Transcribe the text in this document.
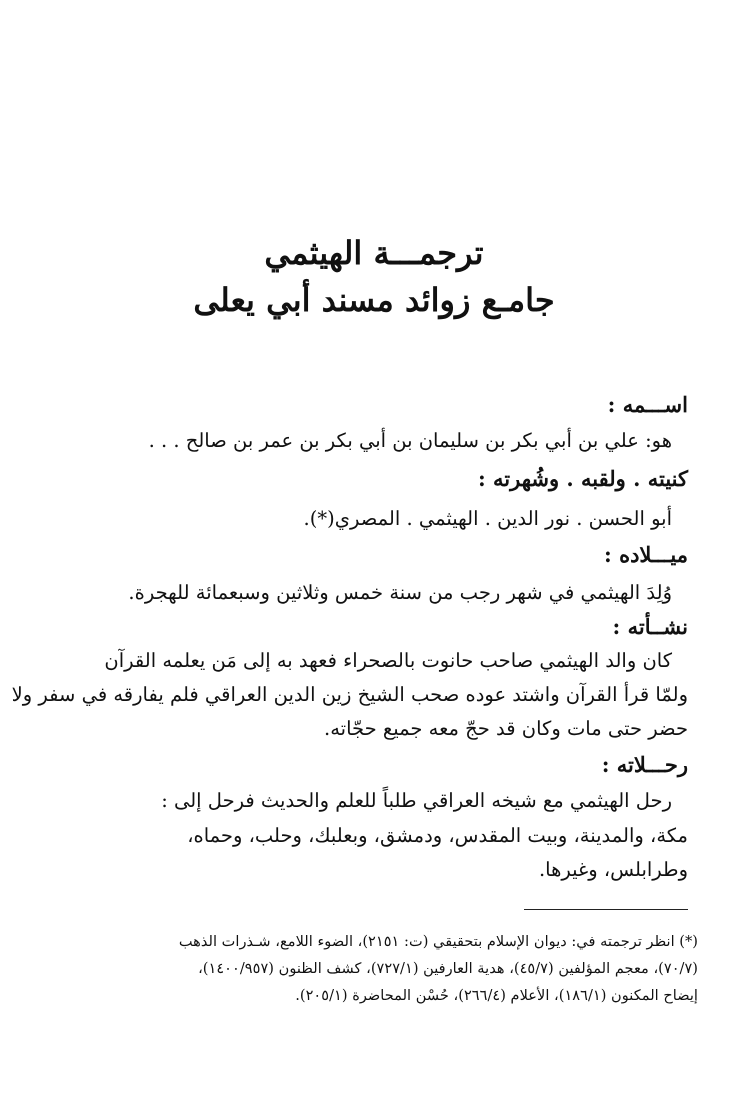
ترجمـــة الهيثمي
جامـع زوائد مسند أبي يعلى
اســـمه :
هو: علي بن أبي بكر بن سليمان بن أبي بكر بن عمر بن صالح . . .
كنيته . ولقبه . وشُهرته :
أبو الحسن . نور الدين . الهيثمي . المصري(*).
ميـــلاده :
وُلِدَ الهيثمي في شهر رجب من سنة خمس وثلاثين وسبعمائة للهجرة.
نشــأته :
كان والد الهيثمي صاحب حانوت بالصحراء فعهد به إلى مَن يعلمه القرآن
ولمّا قرأ القرآن واشتد عوده صحب الشيخ زين الدين العراقي فلم يفارقه في سفر ولا
حضر حتى مات وكان قد حجّ معه جميع حجّاته.
رحـــلاته :
رحل الهيثمي مع شيخه العراقي طلباً للعلم والحديث فرحل إلى :
مكة، والمدينة، وبيت المقدس، ودمشق، وبعلبك، وحلب، وحماه،
وطرابلس، وغيرها.
(*) انظر ترجمته في: ديوان الإسلام بتحقيقي (ت: ٢١٥١)، الضوء اللامع، شـذرات الذهب
(٧٠/٧)، معجم المؤلفين (٤٥/٧)، هدية العارفين (٧٢٧/١)، كشف الظنون (١٤٠٠/٩٥٧)،
إيضاح المكنون (١٨٦/١)، الأعلام (٢٦٦/٤)، حُسْن المحاضرة (٢٠٥/١).
